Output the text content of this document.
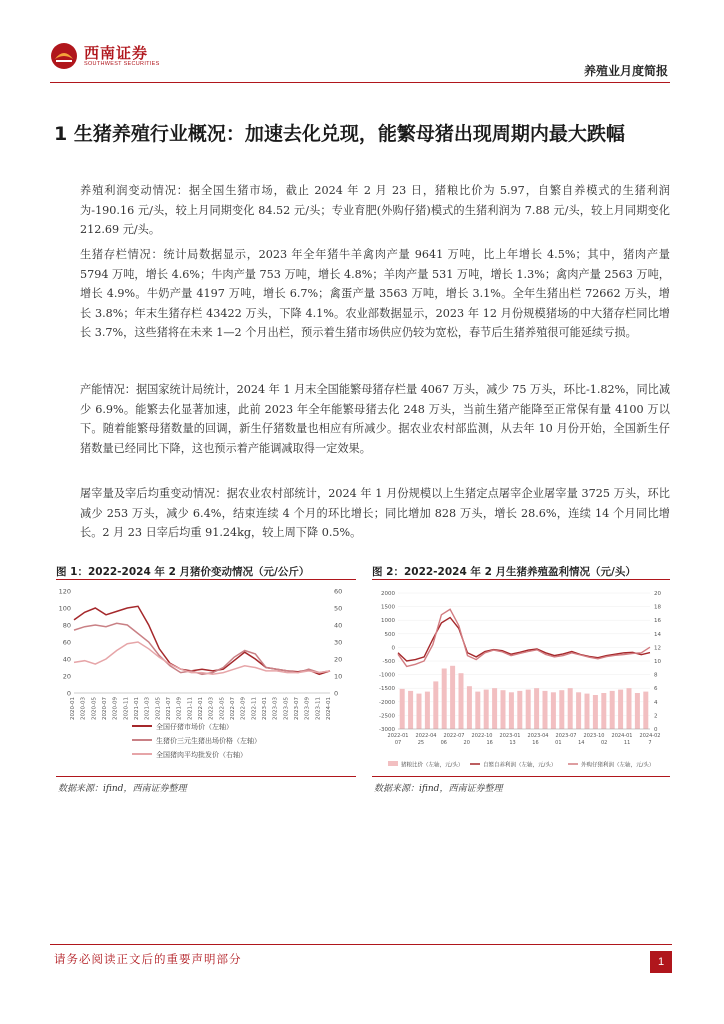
西南证券
SOUTHWEST SECURITIES	养殖业月度简报
1 生猪养殖行业概况：加速去化兑现，能繁母猪出现周期内最大跌幅
养殖利润变动情况：据全国生猪市场，截止 2024 年 2 月 23 日，猪粮比价为 5.97，自繁自养模式的生猪利润为-190.16 元/头，较上月同期变化 84.52 元/头；专业育肥(外购仔猪)模式的生猪利润为 7.88 元/头，较上月同期变化 212.69 元/头。
生猪存栏情况：统计局数据显示，2023 年全年猪牛羊禽肉产量 9641 万吨，比上年增长 4.5%；其中，猪肉产量 5794 万吨，增长 4.6%；牛肉产量 753 万吨，增长 4.8%；羊肉产量 531 万吨，增长 1.3%；禽肉产量 2563 万吨，增长 4.9%。牛奶产量 4197 万吨，增长 6.7%；禽蛋产量 3563 万吨，增长 3.1%。全年生猪出栏 72662 万头，增长 3.8%；年末生猪存栏 43422 万头，下降 4.1%。农业部数据显示，2023 年 12 月份规模猪场的中大猪存栏同比增长 3.7%，这些猪将在未来 1—2 个月出栏，预示着生猪市场供应仍较为宽松，春节后生猪养殖很可能延续亏损。
产能情况：据国家统计局统计，2024 年 1 月末全国能繁母猪存栏量 4067 万头，减少 75 万头，环比-1.82%，同比减少 6.9%。能繁去化显著加速，此前 2023 年全年能繁母猪去化 248 万头，当前生猪产能降至正常保有量 4100 万以下。随着能繁母猪数量的回调，新生仔猪数量也相应有所减少。据农业农村部监测，从去年 10 月份开始，全国新生仔猪数量已经同比下降，这也预示着产能调减取得一定效果。
屠宰量及宰后均重变动情况：据农业农村部统计，2024 年 1 月份规模以上生猪定点屠宰企业屠宰量 3725 万头，环比减少 253 万头，减少 6.4%，结束连续 4 个月的环比增长；同比增加 828 万头，增长 28.6%，连续 14 个月同比增长。2 月 23 日宰后均重 91.24kg，较上周下降 0.5%。
图 1：2022-2024 年 2 月猪价变动情况（元/公斤）
0
20
40
60
80
100
120
0
10
20
30
40
50
60
2020-01 2020-03 2020-05 2020-07 2020-09 2020-11 2021-01 2021-03 2021-05 2021-07 2021-09 2021-11 2022-01 2022-03 2022-05 2022-07 2022-09 2022-11 2023-01 2023-03 2023-05 2023-07 2023-09 2023-11 2024-01
全国仔猪市场价（左轴）
生猪价三元生猪出场价格（左轴）
全国猪肉平均批发价（右轴）
数据来源：ifind，西南证券整理
图 2：2022-2024 年 2 月生猪养殖盈利情况（元/头）
-3000
-2500
-2000
-1500
-1000
-500
0
500
1000
1500
2000
0
2
4
6
8
10
12
14
16
18
20
2022-01 2022-04 2022-07 2022-10 2023-01 2023-04 2023-07 2023-10 2024-01 2024-02
07	25	06	20	16	13	16	01	14	02	11	7
猪粮比价（左轴，元/头）	自繁自养利润（左轴，元/头）	外购仔猪利润（左轴，元/头）
数据来源：ifind，西南证券整理
请务必阅读正文后的重要声明部分	1
